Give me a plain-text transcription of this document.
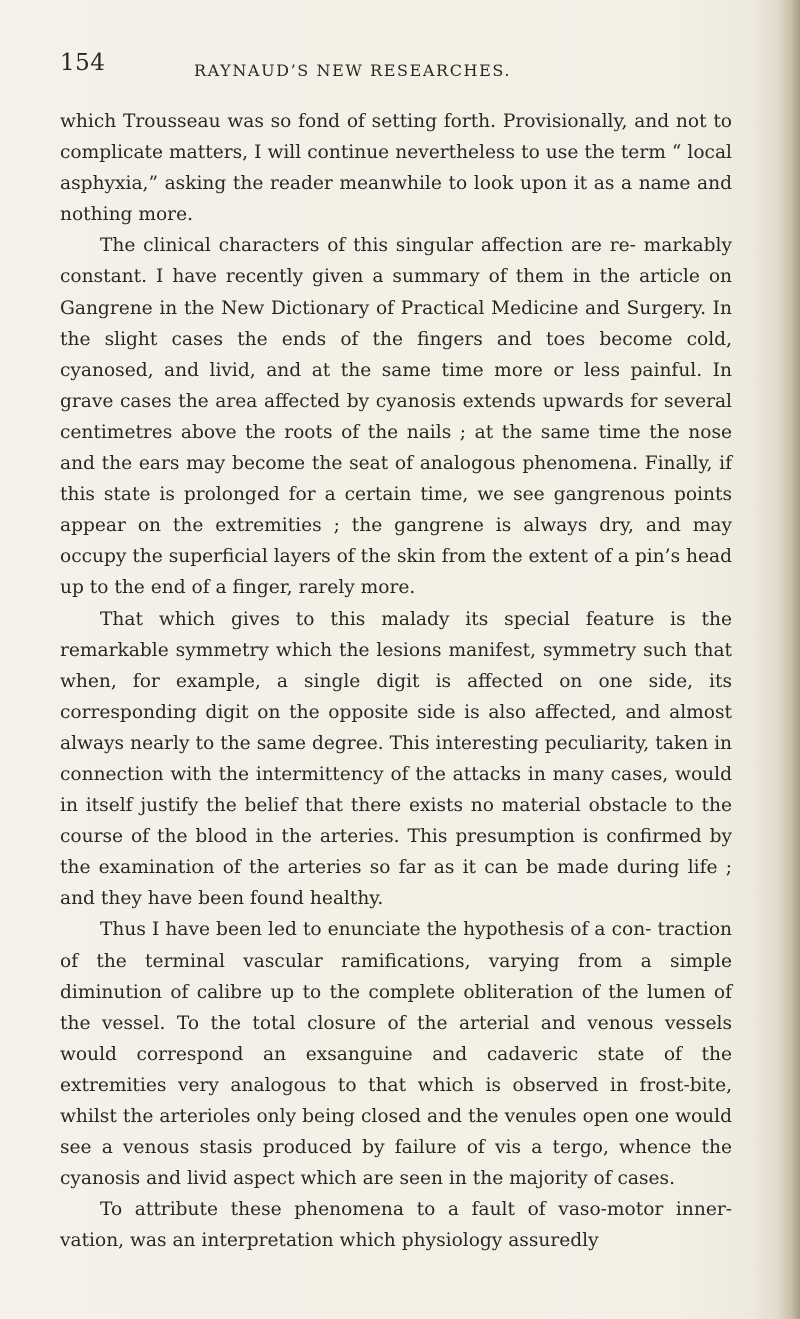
154	RAYNAUD’S NEW RESEARCHES.

which Trousseau was so fond of setting forth. Provisionally, and not to complicate matters, I will continue nevertheless to use the term “ local asphyxia,” asking the reader meanwhile to look upon it as a name and nothing more.

The clinical characters of this singular affection are re- markably constant. I have recently given a summary of them in the article on Gangrene in the New Dictionary of Practical Medicine and Surgery. In the slight cases the ends of the fingers and toes become cold, cyanosed, and livid, and at the same time more or less painful. In grave cases the area affected by cyanosis extends upwards for several centimetres above the roots of the nails ; at the same time the nose and the ears may become the seat of analogous phenomena. Finally, if this state is prolonged for a certain time, we see gangrenous points appear on the extremities ; the gangrene is always dry, and may occupy the superficial layers of the skin from the extent of a pin’s head up to the end of a finger, rarely more.

That which gives to this malady its special feature is the remarkable symmetry which the lesions manifest, symmetry such that when, for example, a single digit is affected on one side, its corresponding digit on the opposite side is also affected, and almost always nearly to the same degree. This interesting peculiarity, taken in connection with the intermittency of the attacks in many cases, would in itself justify the belief that there exists no material obstacle to the course of the blood in the arteries. This presumption is confirmed by the examination of the arteries so far as it can be made during life ; and they have been found healthy.

Thus I have been led to enunciate the hypothesis of a con- traction of the terminal vascular ramifications, varying from a simple diminution of calibre up to the complete obliteration of the lumen of the vessel. To the total closure of the arterial and venous vessels would correspond an exsanguine and cadaveric state of the extremities very analogous to that which is observed in frost-bite, whilst the arterioles only being closed and the venules open one would see a venous stasis produced by failure of vis a tergo, whence the cyanosis and livid aspect which are seen in the majority of cases.

To attribute these phenomena to a fault of vaso-motor inner- vation, was an interpretation which physiology assuredly
